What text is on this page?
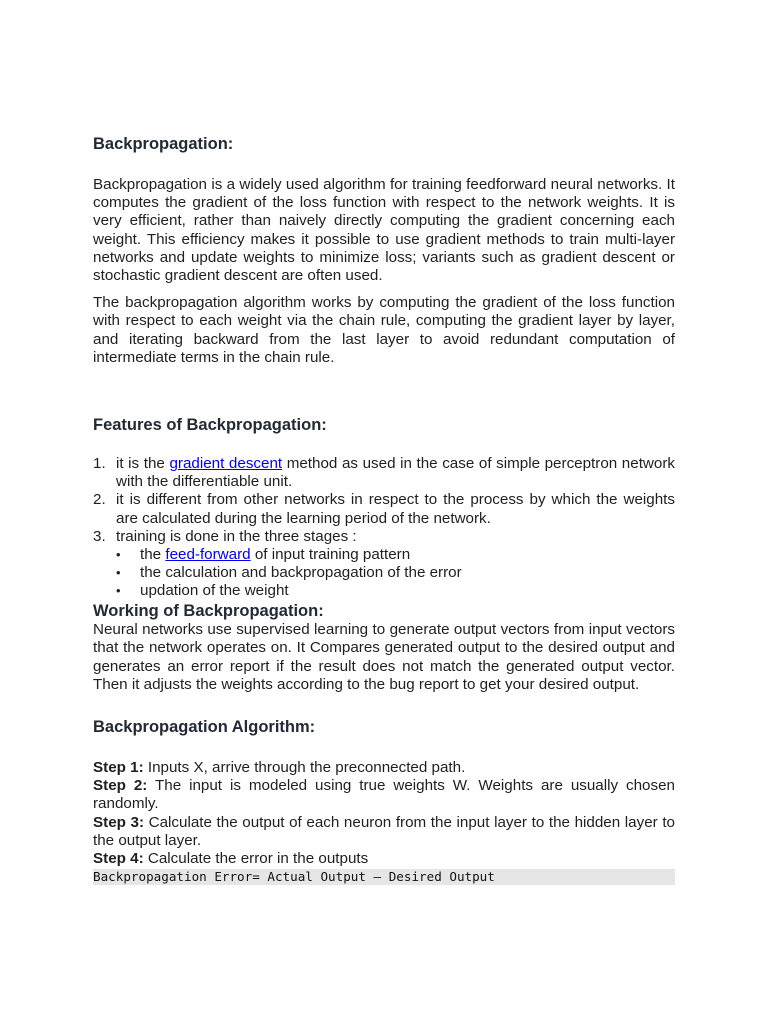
Backpropagation:

Backpropagation is a widely used algorithm for training feedforward neural networks. It computes the gradient of the loss function with respect to the network weights. It is very efficient, rather than naively directly computing the gradient concerning each weight. This efficiency makes it possible to use gradient methods to train multi-layer networks and update weights to minimize loss; variants such as gradient descent or stochastic gradient descent are often used.

The backpropagation algorithm works by computing the gradient of the loss function with respect to each weight via the chain rule, computing the gradient layer by layer, and iterating backward from the last layer to avoid redundant computation of intermediate terms in the chain rule.

Features of Backpropagation:
1. it is the gradient descent method as used in the case of simple perceptron network with the differentiable unit.
2. it is different from other networks in respect to the process by which the weights are calculated during the learning period of the network.
3. training is done in the three stages :
• the feed-forward of input training pattern
• the calculation and backpropagation of the error
• updation of the weight
Working of Backpropagation:

Neural networks use supervised learning to generate output vectors from input vectors that the network operates on. It Compares generated output to the desired output and generates an error report if the result does not match the generated output vector. Then it adjusts the weights according to the bug report to get your desired output.

Backpropagation Algorithm:

Step 1: Inputs X, arrive through the preconnected path.

Step 2: The input is modeled using true weights W. Weights are usually chosen randomly.

Step 3: Calculate the output of each neuron from the input layer to the hidden layer to the output layer.

Step 4: Calculate the error in the outputs

Backpropagation Error= Actual Output – Desired Output
